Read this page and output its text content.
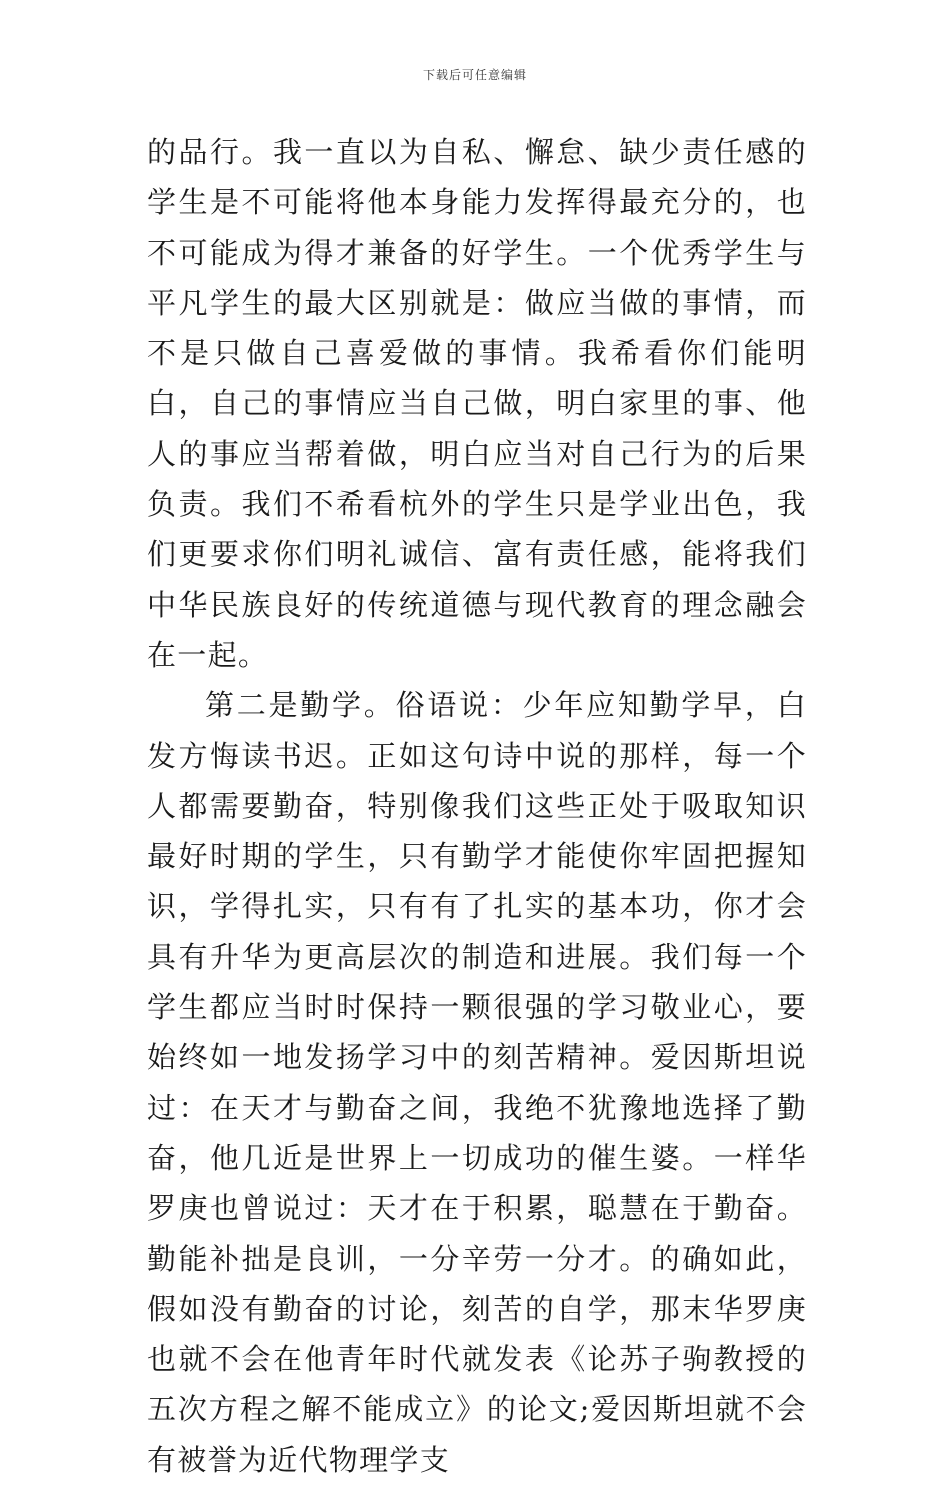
下载后可任意编辑

的品行。我一直以为自私、懈怠、缺少责任感的学生是不可能将他本身能力发挥得最充分的，也不可能成为得才兼备的好学生。一个优秀学生与平凡学生的最大区别就是：做应当做的事情，而不是只做自己喜爱做的事情。我希看你们能明白，自己的事情应当自己做，明白家里的事、他人的事应当帮着做，明白应当对自己行为的后果负责。我们不希看杭外的学生只是学业出色，我们更要求你们明礼诚信、富有责任感，能将我们中华民族良好的传统道德与现代教育的理念融会在一起。

第二是勤学。俗语说：少年应知勤学早，白发方悔读书迟。正如这句诗中说的那样，每一个人都需要勤奋，特别像我们这些正处于吸取知识最好时期的学生，只有勤学才能使你牢固把握知识，学得扎实，只有有了扎实的基本功，你才会具有升华为更高层次的制造和进展。我们每一个学生都应当时时保持一颗很强的学习敬业心，要始终如一地发扬学习中的刻苦精神。爱因斯坦说过：在天才与勤奋之间，我绝不犹豫地选择了勤奋，他几近是世界上一切成功的催生婆。一样华罗庚也曾说过：天才在于积累，聪慧在于勤奋。勤能补拙是良训，一分辛劳一分才。的确如此，假如没有勤奋的讨论，刻苦的自学，那末华罗庚也就不会在他青年时代就发表《论苏子驹教授的五次方程之解不能成立》的论文;爱因斯坦就不会有被誉为近代物理学支
